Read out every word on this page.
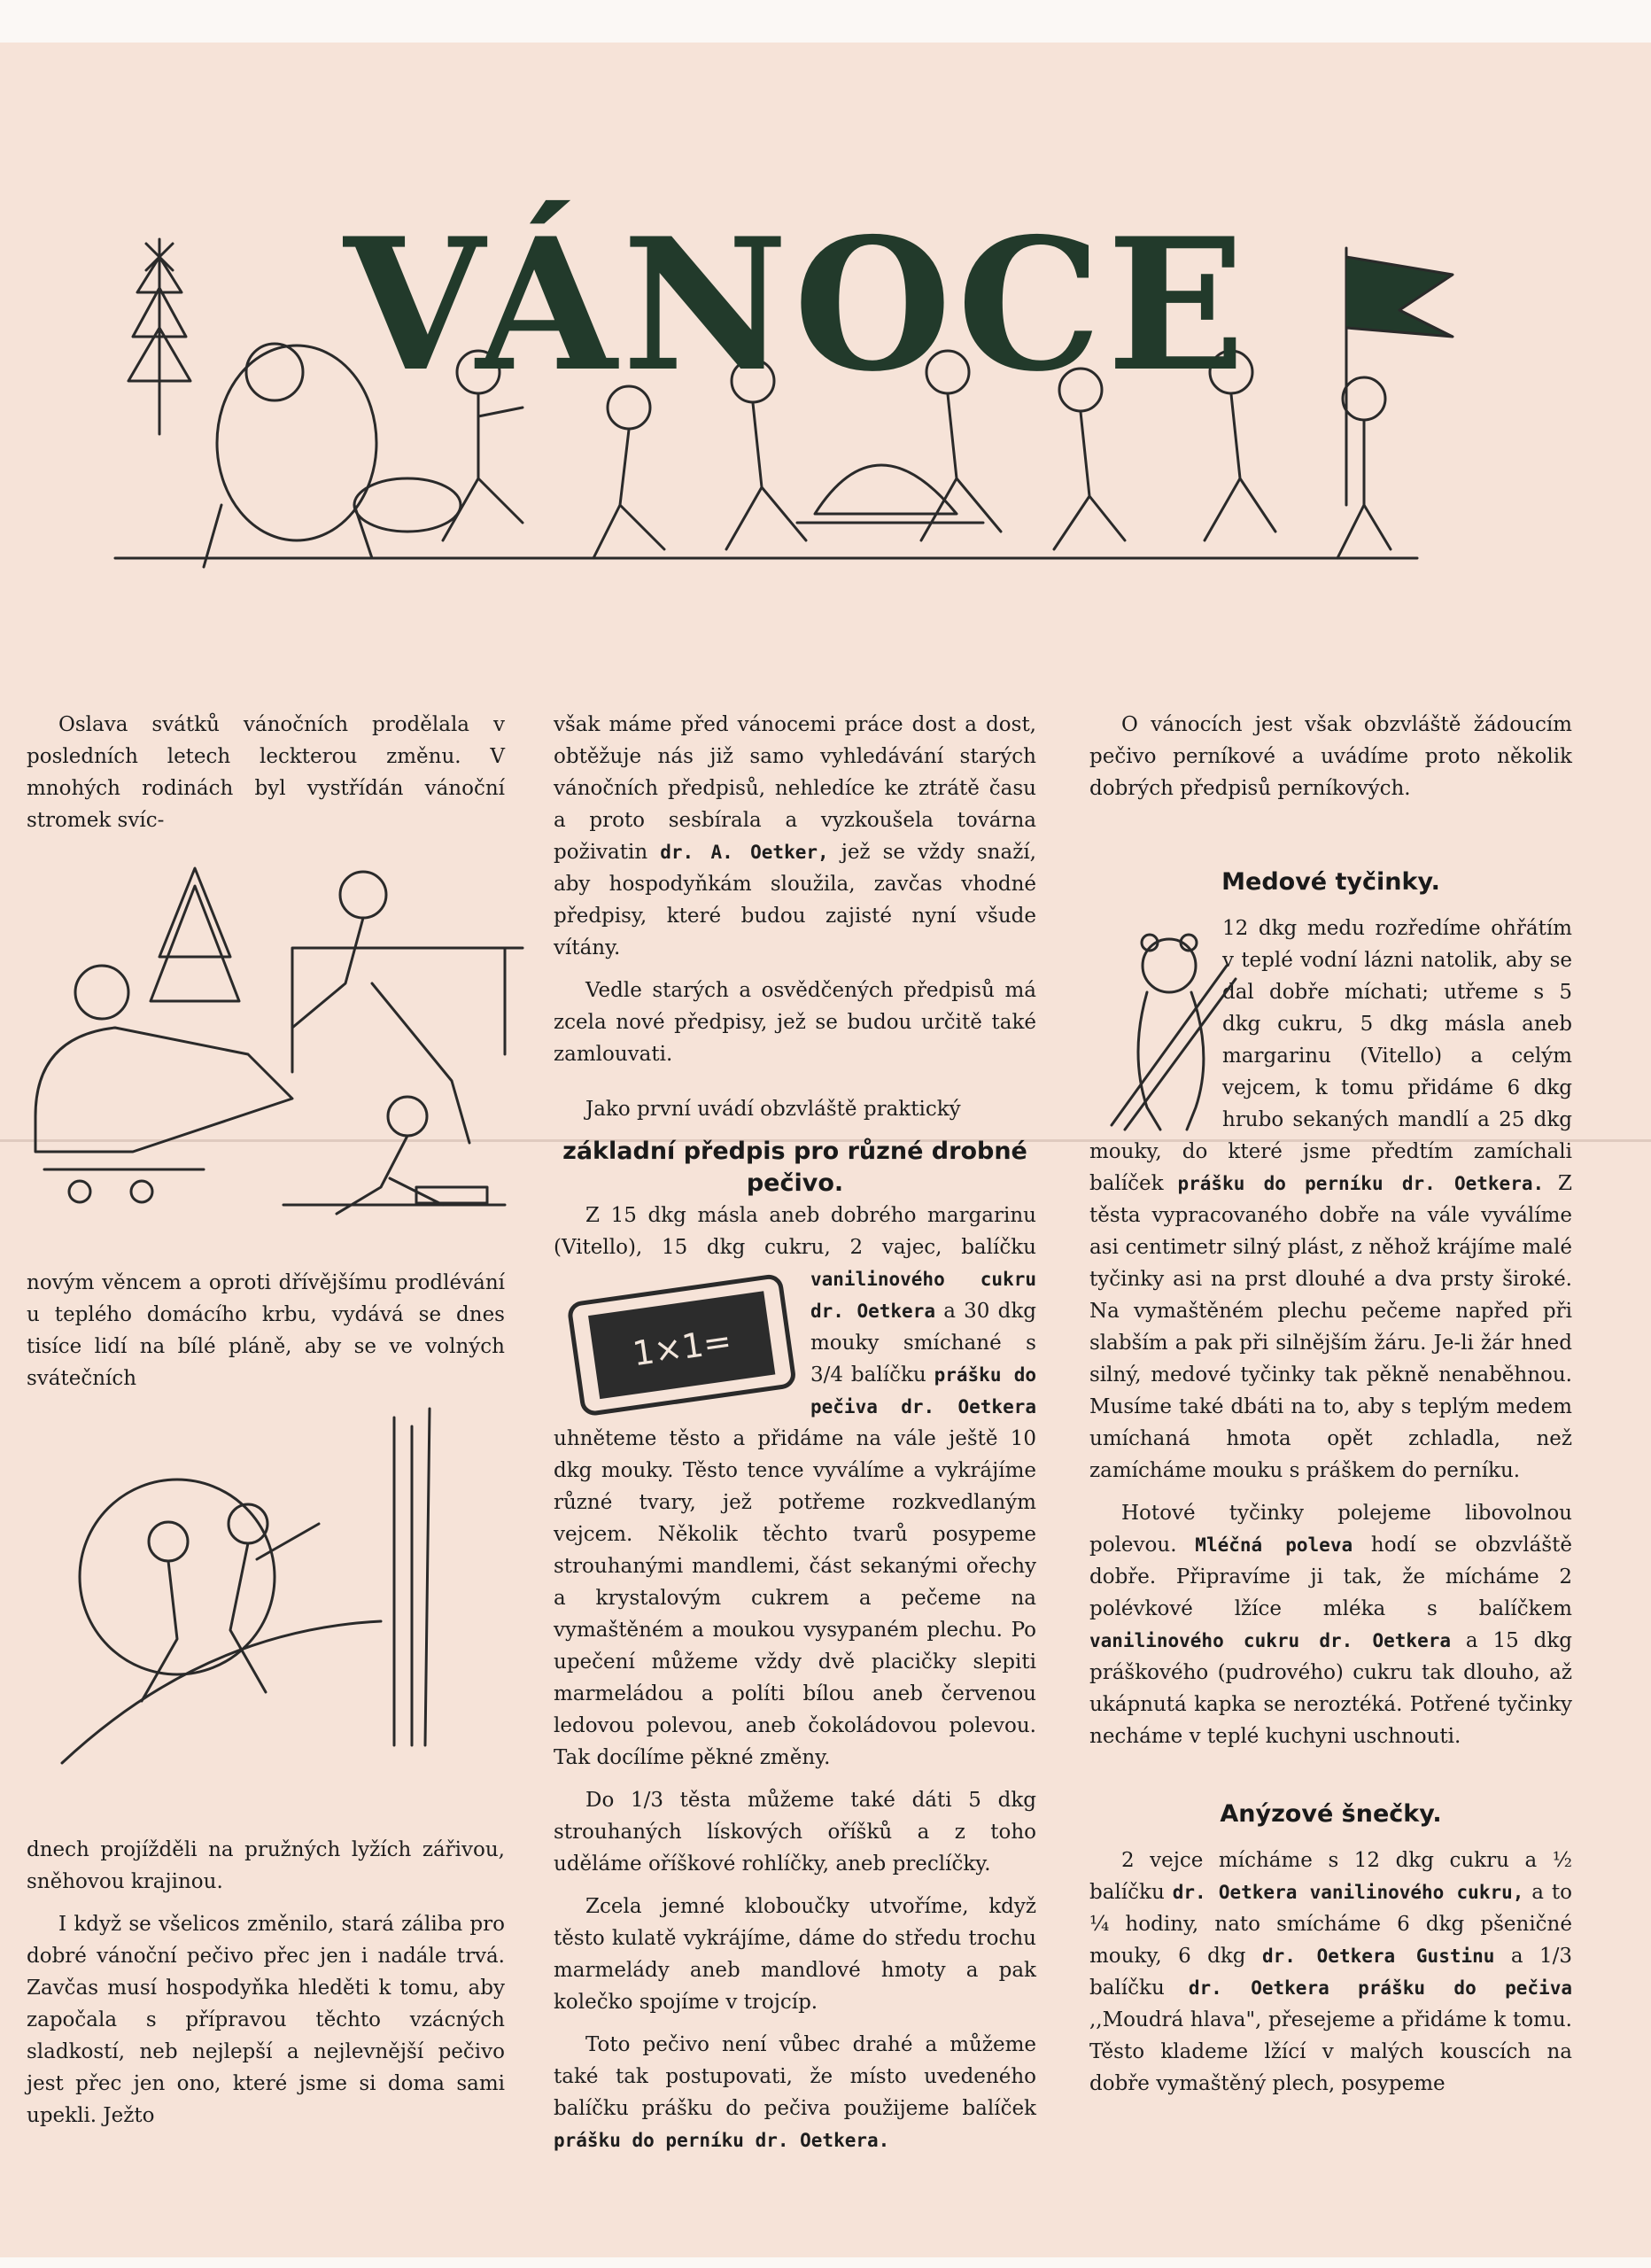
VÁNOCE

Oslava svátků vánočních prodělala v posledních letech leckterou změnu. V mnohých rodinách byl vystřídán vánoční stromek svíc-

novým věncem a oproti dřívějšímu prodlévání u teplého domácího krbu, vydává se dnes tisíce lidí na bílé pláně, aby se ve volných svátečních

dnech projížděli na pružných lyžích zářivou, sněhovou krajinou.

I když se všelicos změnilo, stará záliba pro dobré vánoční pečivo přec jen i nadále trvá. Zavčas musí hospodyňka hleděti k tomu, aby započala s přípravou těchto vzácných sladkostí, neb nejlepší a nejlevnější pečivo jest přec jen ono, které jsme si doma sami upekli. Ježto

však máme před vánocemi práce dost a dost, obtěžuje nás již samo vyhledávání starých vánočních předpisů, nehledíce ke ztrátě času a proto sesbírala a vyzkoušela továrna poživatin dr. A. Oetker, jež se vždy snaží, aby hospodyňkám sloužila, zavčas vhodné předpisy, které budou zajisté nyní všude vítány.

Vedle starých a osvědčených předpisů má zcela nové předpisy, jež se budou určitě také zamlouvati.

Jako první uvádí obzvláště praktický

základní předpis pro různé drobné pečivo.

Z 15 dkg másla aneb dobrého margarinu (Vitello), 15 dkg cukru, 2 vajec, balíčku
vanilinového cukru dr. Oetkera a 30 dkg mouky smíchané s 3/4 balíčku prášku do pečiva dr. Oetkera uhněteme těsto a přidáme na vále ještě 10 dkg mouky. Těsto tence vyválíme a vykrájíme různé tvary, jež potřeme rozkvedlaným vejcem. Několik těchto tvarů posypeme strouhanými mandlemi, část sekanými ořechy a krystalovým cukrem a pečeme na vymaštěném a moukou vysypaném plechu. Po upečení můžeme vždy dvě placičky slepiti marmeládou a políti bílou aneb červenou ledovou polevou, aneb čokoládovou polevou. Tak docílíme pěkné změny.

Do 1/3 těsta můžeme také dáti 5 dkg strouhaných lískových oříšků a z toho uděláme oříškové rohlíčky, aneb preclíčky.

Zcela jemné kloboučky utvoříme, když těsto kulatě vykrájíme, dáme do středu trochu marmelády aneb mandlové hmoty a pak kolečko spojíme v trojcíp.

Toto pečivo není vůbec drahé a můžeme také tak postupovati, že místo uvedeného balíčku prášku do pečiva použijeme balíček prášku do perníku dr. Oetkera.

1×1=

O vánocích jest však obzvláště žádoucím pečivo perníkové a uvádíme proto několik dobrých předpisů perníkových.

Medové tyčinky.

12 dkg medu rozředíme ohřátím v teplé vodní lázni natolik, aby se dal dobře míchati; utřeme s 5 dkg cukru, 5 dkg másla aneb margarinu (Vitello) a celým vejcem, k tomu přidáme 6 dkg hrubo sekaných mandlí a 25 dkg mouky, do které jsme předtím zamíchali balíček prášku do perníku dr. Oetkera. Z těsta vypracovaného dobře na vále vyválíme asi centimetr silný plást, z něhož krájíme malé tyčinky asi na prst dlouhé a dva prsty široké. Na vymaštěném plechu pečeme napřed při slabším a pak při silnějším žáru. Je-li žár hned silný, medové tyčinky tak pěkně nenaběhnou. Musíme také dbáti na to, aby s teplým medem umíchaná hmota opět zchladla, než zamícháme mouku s práškem do perníku.

Hotové tyčinky polejeme libovolnou polevou. Mléčná poleva hodí se obzvláště dobře. Připravíme ji tak, že mícháme 2 polévkové lžíce mléka s balíčkem vanilinového cukru dr. Oetkera a 15 dkg práškového (pudrového) cukru tak dlouho, až ukápnutá kapka se neroztéká. Potřené tyčinky necháme v teplé kuchyni uschnouti.

Anýzové šnečky.

2 vejce mícháme s 12 dkg cukru a ½ balíčku dr. Oetkera vanilinového cukru, a to ¼ hodiny, nato smícháme 6 dkg pšeničné mouky, 6 dkg dr. Oetkera Gustinu a 1/3 balíčku dr. Oetkera prášku do pečiva ,,Moudrá hlava", přesejeme a přidáme k tomu. Těsto klademe lžící v malých kouscích na dobře vymaštěný plech, posypeme
